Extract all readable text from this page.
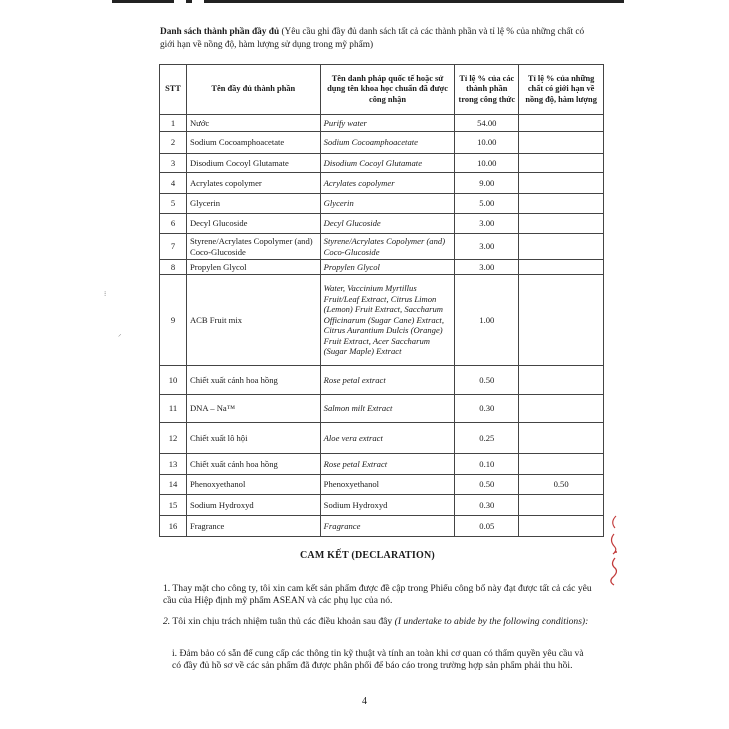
⁝
⸝
Danh sách thành phần đầy đủ (Yêu cầu ghi đầy đủ danh sách tất cả các thành phần và tỉ lệ % của những chất có giới hạn về nồng độ, hàm lượng sử dụng trong mỹ phẩm)
STT	Tên đầy đủ thành phần	Tên danh pháp quốc tế hoặc sử dụng tên khoa học chuẩn đã được công nhận	Tỉ lệ % của các thành phần trong công thức	Tỉ lệ % của những chất có giới hạn về nồng độ, hàm lượng
1	Nước	Purify water	54.00	
2	Sodium Cocoamphoacetate	Sodium Cocoamphoacetate	10.00	
3	Disodium Cocoyl Glutamate	Disodium Cocoyl Glutamate	10.00	
4	Acrylates copolymer	Acrylates copolymer	9.00	
5	Glycerin	Glycerin	5.00	
6	Decyl Glucoside	Decyl Glucoside	3.00	
7	Styrene/Acrylates Copolymer (and) Coco-Glucoside	Styrene/Acrylates Copolymer (and) Coco-Glucoside	3.00	
8	Propylen Glycol	Propylen Glycol	3.00	
9	ACB Fruit mix	Water, Vaccinium Myrtillus Fruit/Leaf Extract, Citrus Limon (Lemon) Fruit Extract, Saccharum Officinarum (Sugar Cane) Extract, Citrus Aurantium Dulcis (Orange) Fruit Extract, Acer Saccharum (Sugar Maple) Extract	1.00	
10	Chiết xuất cánh hoa hồng	Rose petal extract	0.50	
11	DNA – Na™	Salmon milt Extract	0.30	
12	Chiết xuất lô hội	Aloe vera extract	0.25	
13	Chiết xuất cánh hoa hồng	Rose petal Extract	0.10	
14	Phenoxyethanol	Phenoxyethanol	0.50	0.50
15	Sodium Hydroxyd	Sodium Hydroxyd	0.30	
16	Fragrance	Fragrance	0.05	
CAM KẾT (DECLARATION)
1. Thay mặt cho công ty, tôi xin cam kết sản phẩm được đề cập trong Phiếu công bố này đạt được tất cả các yêu cầu của Hiệp định mỹ phẩm ASEAN và các phụ lục của nó.
2. Tôi xin chịu trách nhiệm tuân thủ các điều khoản sau đây (I undertake to abide by the following conditions):
i. Đảm bảo có sẵn để cung cấp các thông tin kỹ thuật và tính an toàn khi cơ quan có thẩm quyền yêu cầu và có đầy đủ hồ sơ về các sản phẩm đã được phân phối để báo cáo trong trường hợp sản phẩm phải thu hồi.
4
